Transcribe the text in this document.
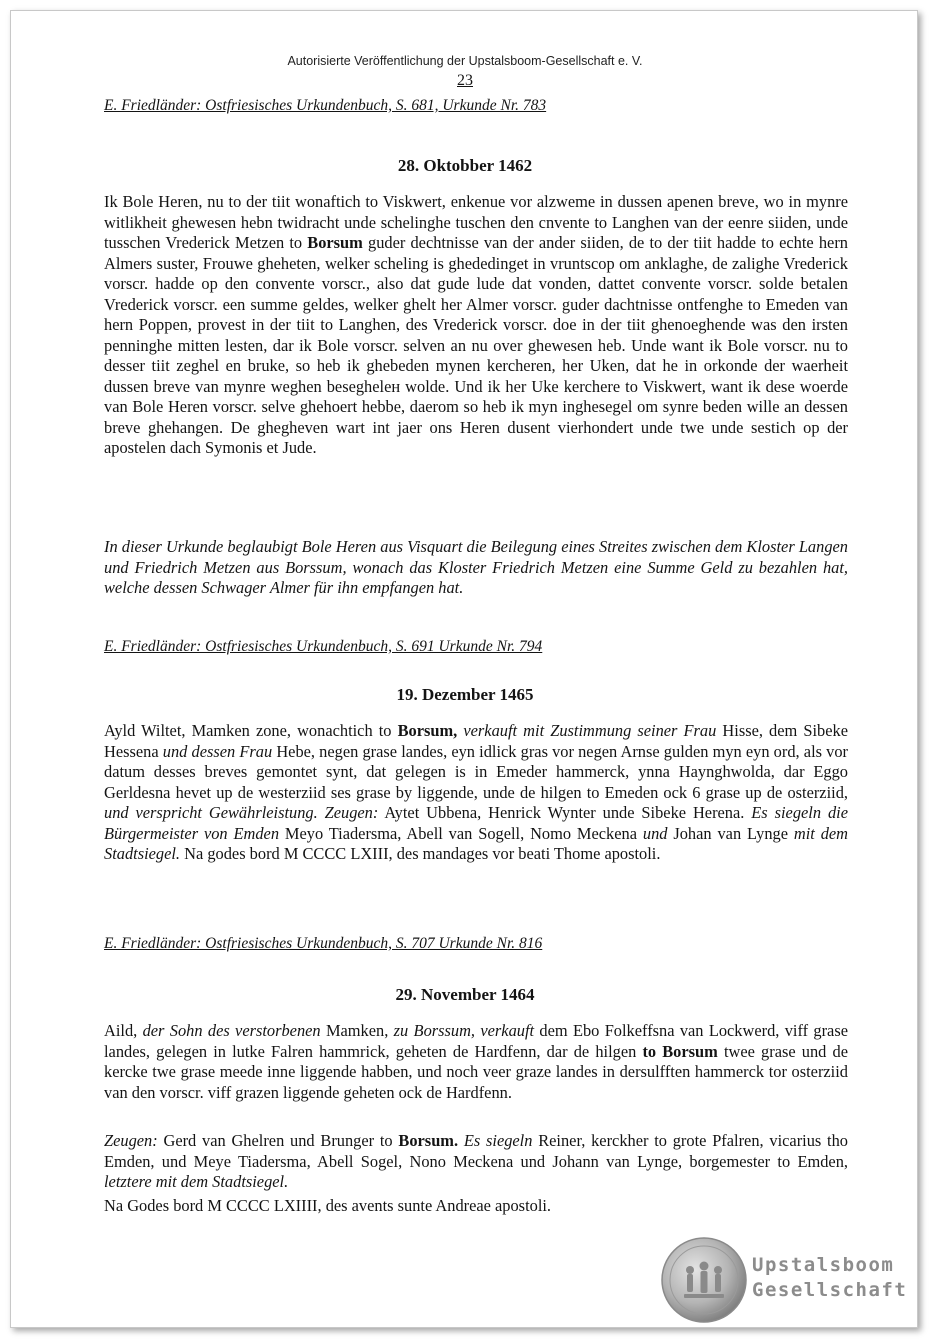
Autorisierte Veröffentlichung der Upstalsboom-Gesellschaft e. V.
23
E. Friedländer: Ostfriesisches Urkundenbuch, S. 681, Urkunde Nr. 783
28. Oktobber 1462
Ik Bole Heren, nu to der tiit wonaftich to Viskwert, enkenue vor alzweme in dussen apenen breve, wo in mynre witlikheit ghewesen hebn twidracht unde schelinghe tuschen den cnvente to Langhen van der eenre siiden, unde tusschen Vrederick Metzen to Borsum guder dechtnisse van der ander siiden, de to der tiit hadde to echte hern Almers suster, Frouwe gheheten, welker scheling is ghededinget in vruntscop om anklaghe, de zalighe Vrederick vorscr. hadde op den convente vorscr., also dat gude lude dat vonden, dattet convente vorscr. solde betalen Vrederick vorscr. een summe geldes, welker ghelt her Almer vorscr. guder dachtnisse ontfenghe to Emeden van hern Poppen, provest in der tiit to Langhen, des Vrederick vorscr. doe in der tiit ghenoeghende was den irsten penninghe mitten lesten, dar ik Bole vorscr. selven an nu over ghewesen heb. Unde want ik Bole vorscr. nu to desser tiit zeghel en bruke, so heb ik ghebeden mynen kercheren, her Uken, dat he in orkonde der waerheit dussen breve van mynre weghen besegheleн wolde. Und ik her Uke kerchere to Viskwert, want ik dese woerde van Bole Heren vorscr. selve ghehoert hebbe, daerom so heb ik myn inghesegel om synre beden wille an dessen breve ghehangen. De ghegheven wart int jaer ons Heren dusent vierhondert unde twe unde sestich op der apostelen dach Symonis et Jude.
In dieser Urkunde beglaubigt Bole Heren aus Visquart die Beilegung eines Streites zwischen dem Kloster Langen und Friedrich Metzen aus Borssum, wonach das Kloster Friedrich Metzen eine Summe Geld zu bezahlen hat, welche dessen Schwager Almer für ihn empfangen hat.
E. Friedländer: Ostfriesisches Urkundenbuch, S. 691 Urkunde Nr. 794
19. Dezember 1465
Ayld Wiltet, Mamken zone, wonachtich to Borsum, verkauft mit Zustimmung seiner Frau Hisse, dem Sibeke Hessena und dessen Frau Hebe, negen grase landes, eyn idlick gras vor negen Arnse gulden myn eyn ord, als vor datum desses breves gemontet synt, dat gelegen is in Emeder hammerck, ynna Haynghwolda, dar Eggo Gerldesna hevet up de westerziid ses grase by liggende, unde de hilgen to Emeden ock 6 grase up de osterziid, und verspricht Gewährleistung. Zeugen: Aytet Ubbena, Henrick Wynter unde Sibeke Herena. Es siegeln die Bürgermeister von Emden Meyo Tiadersma, Abell van Sogell, Nomo Meckena und Johan van Lynge mit dem Stadtsiegel. Na godes bord M CCCC LXIII, des mandages vor beati Thome apostoli.
E. Friedländer: Ostfriesisches Urkundenbuch, S. 707 Urkunde Nr. 816
29. November 1464
Aild, der Sohn des verstorbenen Mamken, zu Borssum, verkauft dem Ebo Folkeffsna van Lockwerd, viff grase landes, gelegen in lutke Falren hammrick, geheten de Hardfenn, dar de hilgen to Borsum twee grase und de kercke twe grase meede inne liggende habben, und noch veer graze landes in dersulfften hammerck tor osterziid van den vorscr. viff grazen liggende geheten ock de Hardfenn.
Zeugen: Gerd van Ghelren und Brunger to Borsum. Es siegeln Reiner, kerckher to grote Pfalren, vicarius tho Emden, und Meye Tiadersma, Abell Sogel, Nono Meckena und Johann van Lynge, borgemester to Emden, letztere mit dem Stadtsiegel.
Na Godes bord M CCCC LXIIII, des avents sunte Andreae apostoli.
Upstalsboom
Gesellschaft
